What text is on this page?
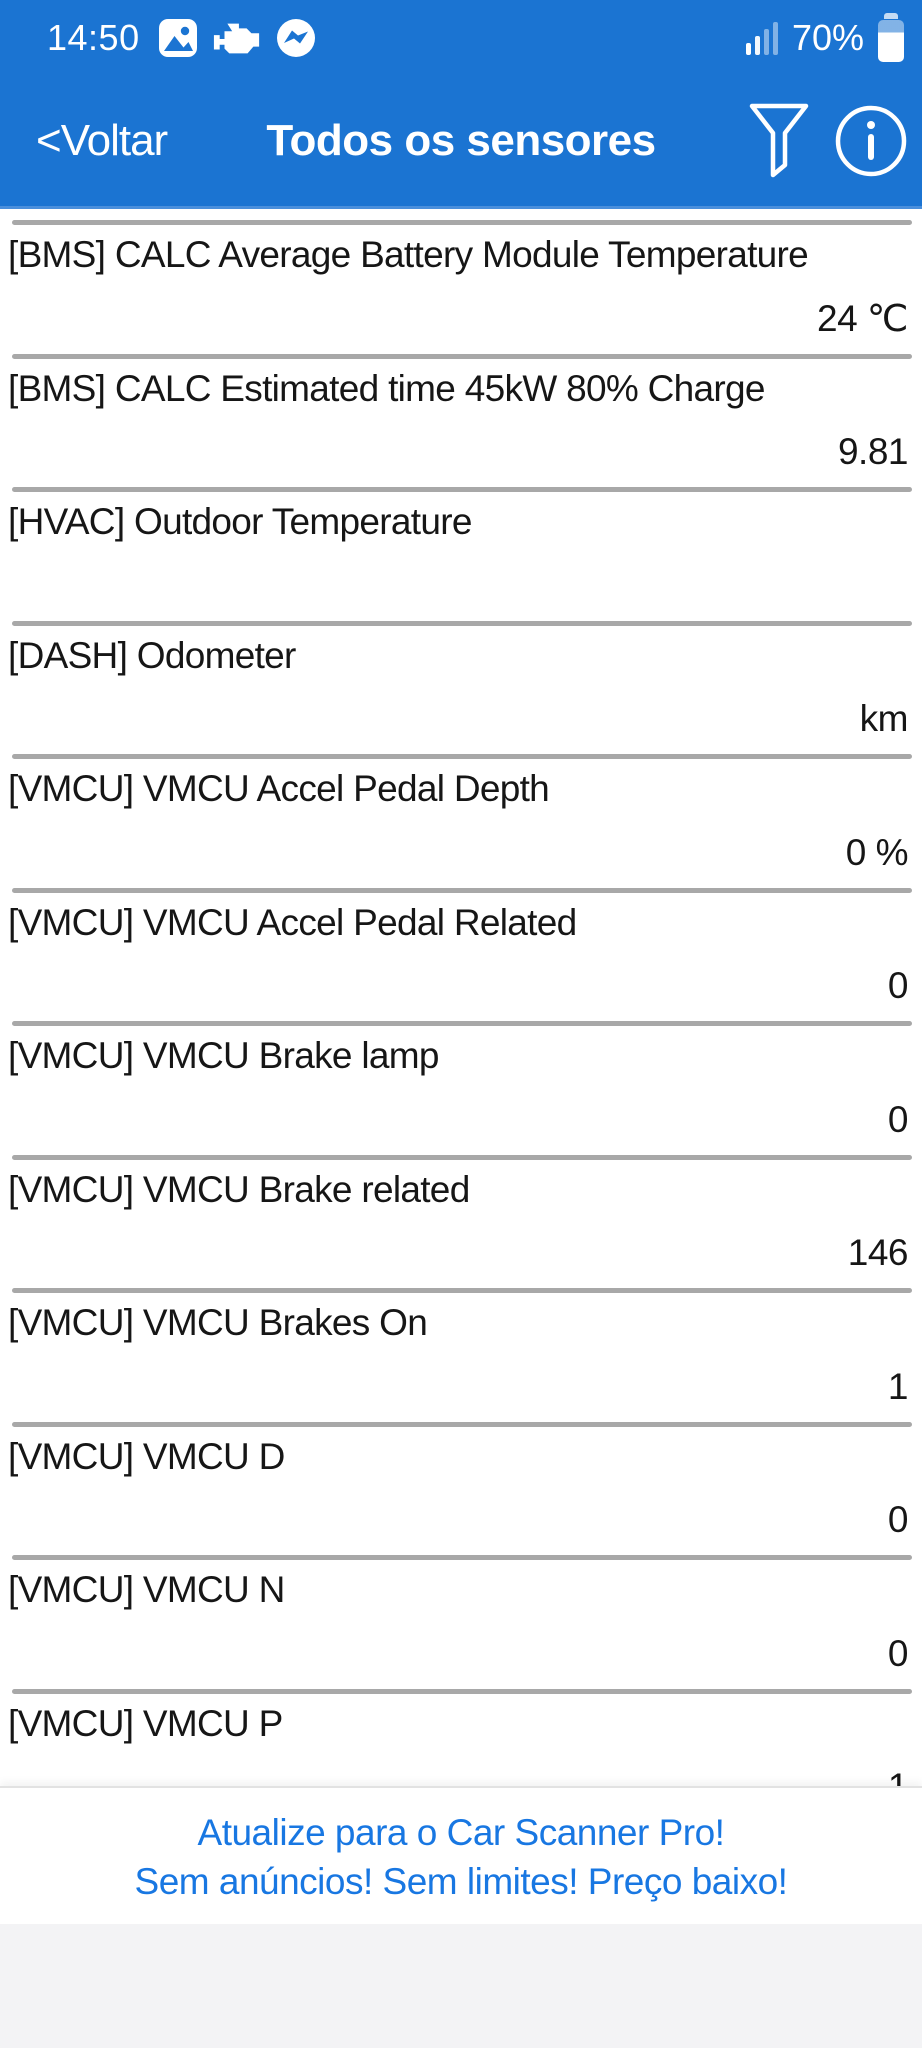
14:50	70%
<Voltar Todos os sensores
[BMS] CALC Average Battery Module Temperature
24 ℃
[BMS] CALC Estimated time 45kW 80% Charge
9.81
[HVAC] Outdoor Temperature
[DASH] Odometer
km
[VMCU] VMCU Accel Pedal Depth
0 %
[VMCU] VMCU Accel Pedal Related
0
[VMCU] VMCU Brake lamp
0
[VMCU] VMCU Brake related
146
[VMCU] VMCU Brakes On
1
[VMCU] VMCU D
0
[VMCU] VMCU N
0
[VMCU] VMCU P
Atualize para o Car Scanner Pro!
Sem anúncios! Sem limites! Preço baixo!
